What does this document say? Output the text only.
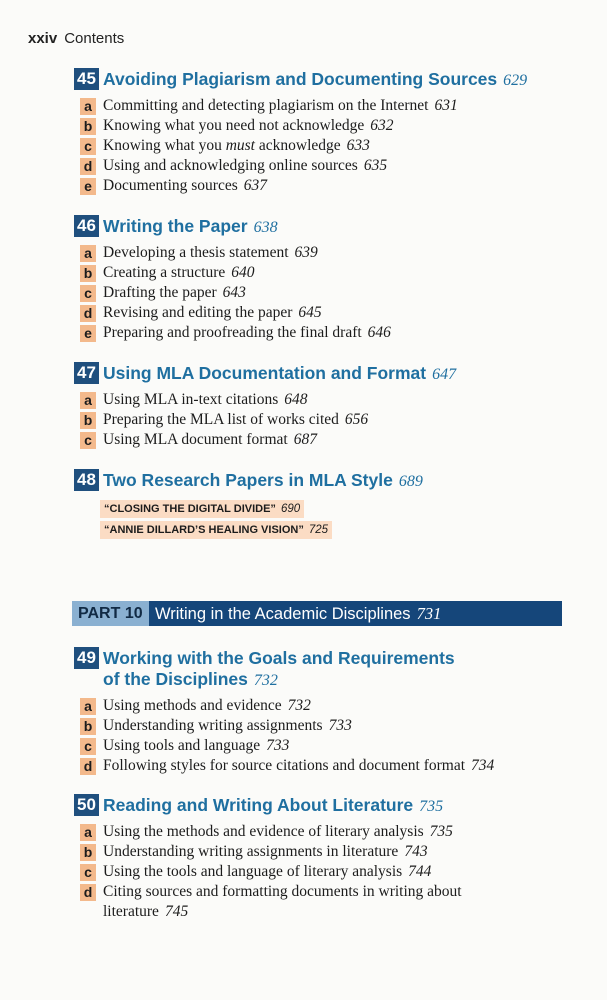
xxiv Contents
45 Avoiding Plagiarism and Documenting Sources 629
a Committing and detecting plagiarism on the Internet 631
b Knowing what you need not acknowledge 632
c Knowing what you must acknowledge 633
d Using and acknowledging online sources 635
e Documenting sources 637
46 Writing the Paper 638
a Developing a thesis statement 639
b Creating a structure 640
c Drafting the paper 643
d Revising and editing the paper 645
e Preparing and proofreading the final draft 646
47 Using MLA Documentation and Format 647
a Using MLA in-text citations 648
b Preparing the MLA list of works cited 656
c Using MLA document format 687
48 Two Research Papers in MLA Style 689
“CLOSING THE DIGITAL DIVIDE” 690
“ANNIE DILLARD’S HEALING VISION” 725
PART 10 Writing in the Academic Disciplines 731
49 Working with the Goals and Requirements
of the Disciplines 732
a Using methods and evidence 732
b Understanding writing assignments 733
c Using tools and language 733
d Following styles for source citations and document format 734
50 Reading and Writing About Literature 735
a Using the methods and evidence of literary analysis 735
b Understanding writing assignments in literature 743
c Using the tools and language of literary analysis 744
d Citing sources and formatting documents in writing about literature 745
